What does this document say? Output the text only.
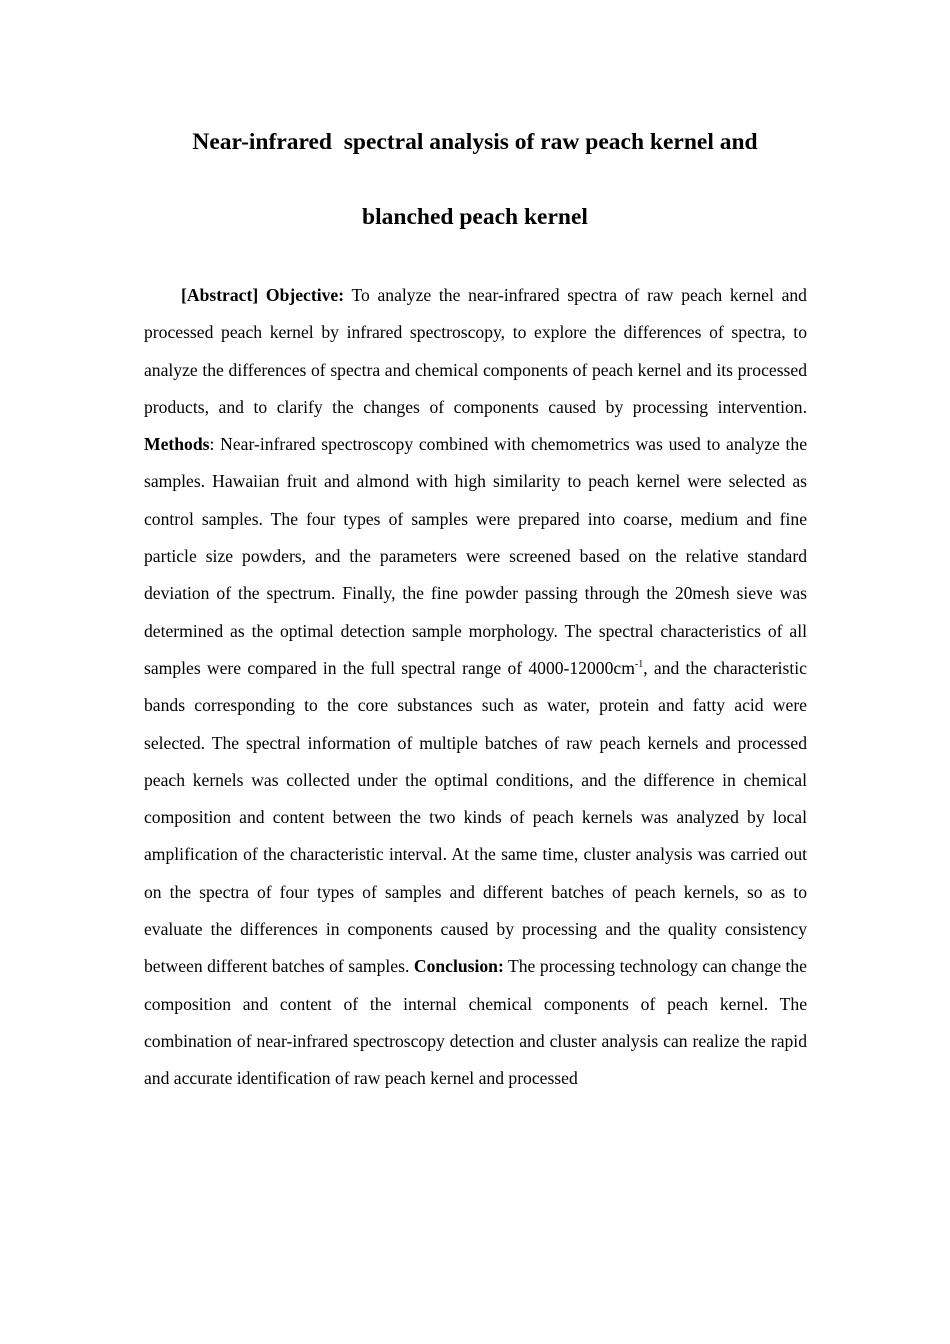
Near-infrared  spectral analysis of raw peach kernel and
blanched peach kernel

[Abstract] Objective: To analyze the near-infrared spectra of raw peach kernel and processed peach kernel by infrared spectroscopy, to explore the differences of spectra, to analyze the differences of spectra and chemical components of peach kernel and its processed products, and to clarify the changes of components caused by processing intervention. Methods: Near-infrared spectroscopy combined with chemometrics was used to analyze the samples. Hawaiian fruit and almond with high similarity to peach kernel were selected as control samples. The four types of samples were prepared into coarse, medium and fine particle size powders, and the parameters were screened based on the relative standard deviation of the spectrum. Finally, the fine powder passing through the 20mesh sieve was determined as the optimal detection sample morphology. The spectral characteristics of all samples were compared in the full spectral range of $4000-12000cm^{-1}$, and the characteristic bands corresponding to the core substances such as water, protein and fatty acid were selected. The spectral information of multiple batches of raw peach kernels and processed peach kernels was collected under the optimal conditions, and the difference in chemical composition and content between the two kinds of peach kernels was analyzed by local amplification of the characteristic interval. At the same time, cluster analysis was carried out on the spectra of four types of samples and different batches of peach kernels, so as to evaluate the differences in components caused by processing and the quality consistency between different batches of samples. Conclusion: The processing technology can change the composition and content of the internal chemical components of peach kernel. The combination of near-infrared spectroscopy detection and cluster analysis can realize the rapid and accurate identification of raw peach kernel and processed
